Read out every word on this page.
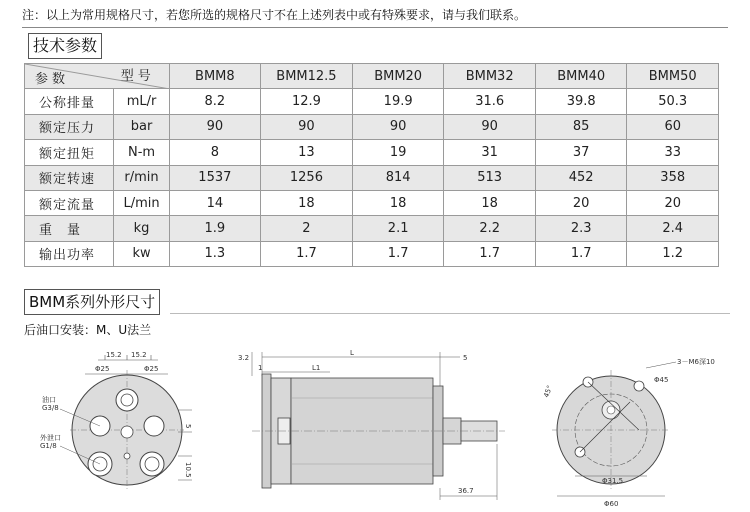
注：以上为常用规格尺寸，若您所选的规格尺寸不在上述列表中或有特殊要求，请与我们联系。
技术参数
型号
参数		BMM8	BMM12.5	BMM20	BMM32	BMM40	BMM50
公称排量	mL/r	8.2	12.9	19.9	31.6	39.8	50.3
额定压力	bar	90	90	90	90	85	60
额定扭矩	N-m	8	13	19	31	37	33
额定转速	r/min	1537	1256	814	513	452	358
额定流量	L/min	14	18	18	18	20	20
重　量	kg	1.9	2	2.1	2.2	2.3	2.4
输出功率	kw	1.3	1.7	1.7	1.7	1.7	1.2
BMM系列外形尺寸
后油口安装：M、U法兰
15.2 15.2
Φ25	Φ25
油口
G3/8
外泄口
G1/8
5
10.5
3.2
L
5
1	L1
36.7
3－M6深10
Φ45
45°
Φ31.5
Φ60
